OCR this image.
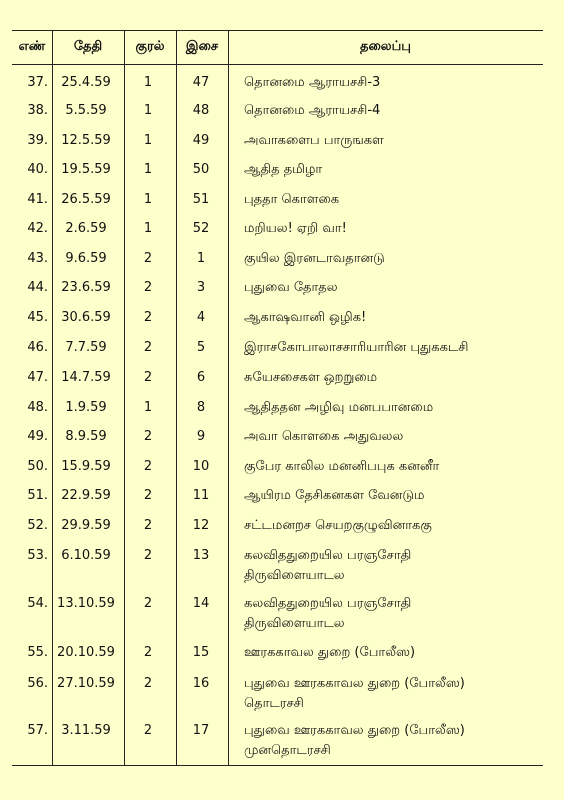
எண்	தேதி	குரல்	இசை	தலைப்பு
37.	25.4.59	1	47	தொனமை ஆராயசசி-3
38.	5.5.59	1	48	தொனமை ஆராயசசி-4
39.	12.5.59	1	49	அவாகளைப பாருஙகள
40.	19.5.59	1	50	ஆதித தமிழா
41.	26.5.59	1	51	புததா கொளகை
42.	2.6.59	1	52	மறியல! ஏறி வா!
43.	9.6.59	2	1	குயில இரனடாவதானடு
44.	23.6.59	2	3	புதுவை தோதல
45.	30.6.59	2	4	ஆகாஷவானி ஒழிக!
46.	7.7.59	2	5	இராசகோபாலாசசாரியாரின புதுககடசி
47.	14.7.59	2	6	சுயேசசைகள ஒறறுமை
48.	1.9.59	1	8	ஆதிததன அழிவு மனபபானமை
49.	8.9.59	2	9	அவா கொளகை அதுவலல
50.	15.9.59	2	10	குபேர காலில மனனிபபுக கனனீா
51.	22.9.59	2	11	ஆயிரம தேசிகனகள வேனடும
52.	29.9.59	2	12	சட்டமனறச செயறகுழுவினாககு
53.	6.10.59	2	13	கலவிததுறையில பரஞசோதி
திருவிளையாடல
54. 13.10.59	2	14	கலவிததுறையில பரஞசோதி
திருவிளையாடல
55. 20.10.59	2	15	ஊரககாவல துறை (போலீஸ)
56. 27.10.59	2	16	புதுவை ஊரககாவல துறை (போலீஸ)
தொடரசசி
57.	3.11.59	2	17	புதுவை ஊரககாவல துறை (போலீஸ)
முனதொடரசசி
